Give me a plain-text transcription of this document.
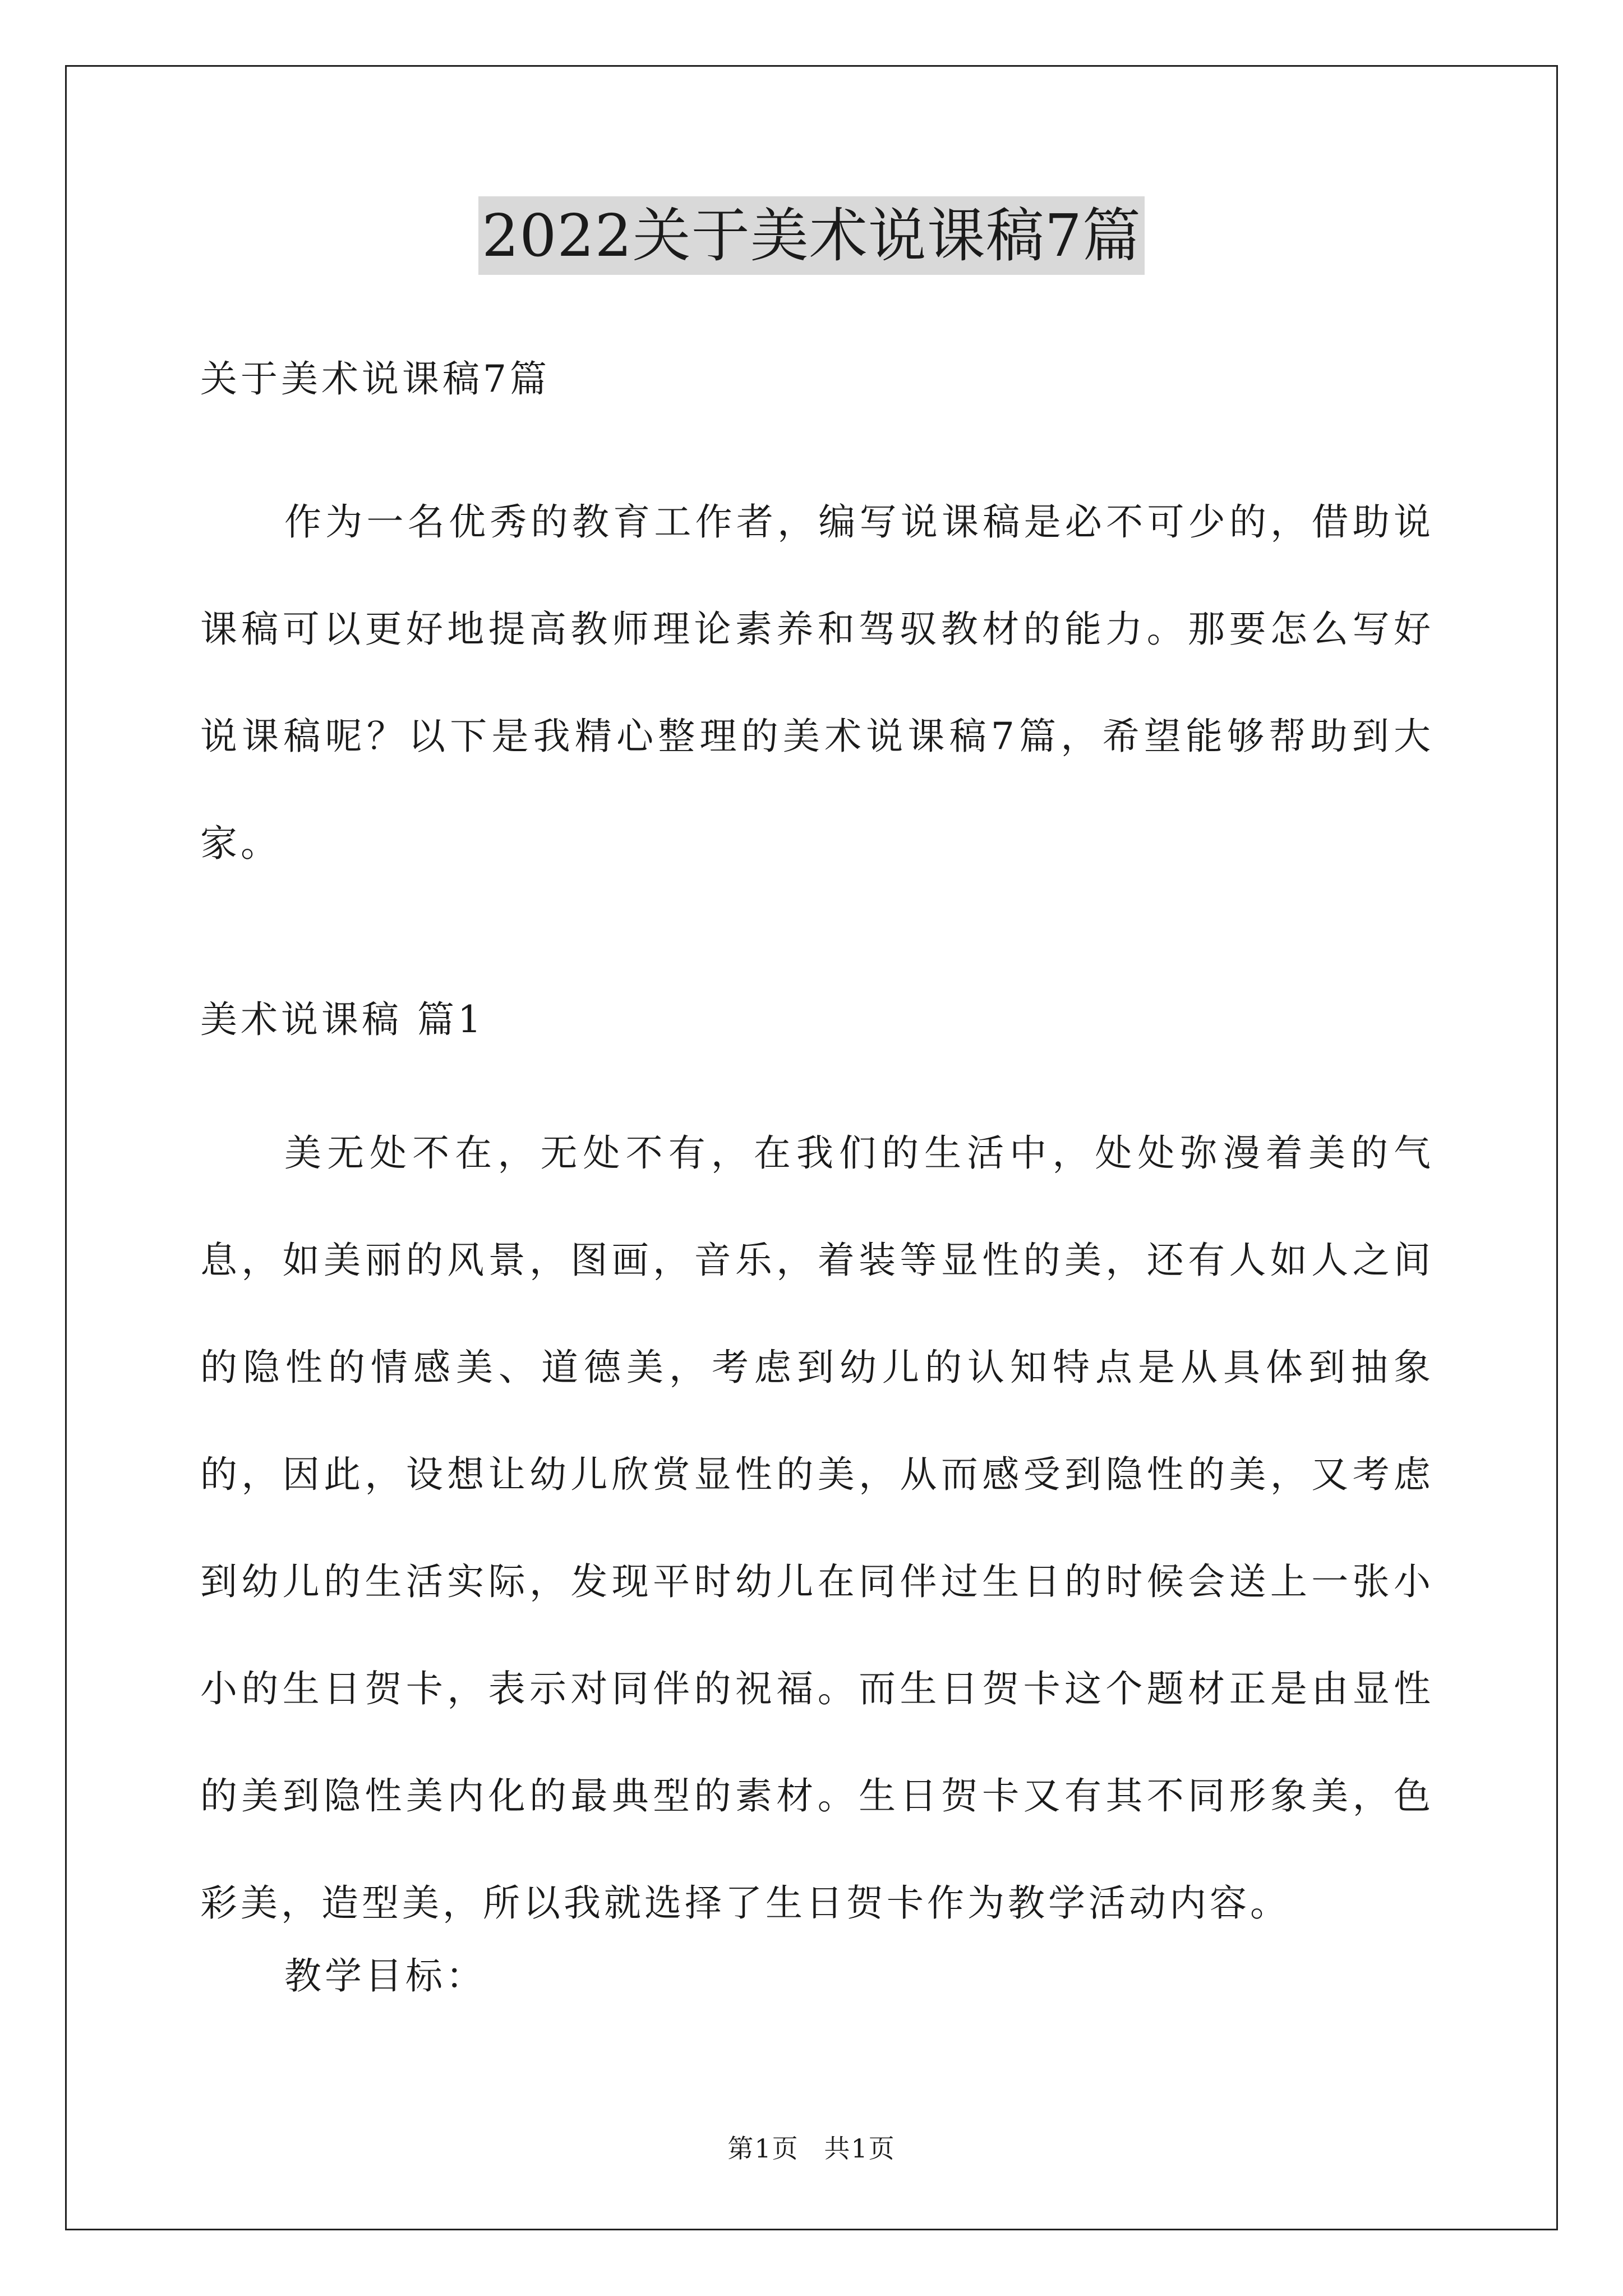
2022关于美术说课稿7篇
关于美术说课稿7篇
作为一名优秀的教育工作者，编写说课稿是必不可少的，借助说课稿可以更好地提高教师理论素养和驾驭教材的能力。那要怎么写好说课稿呢？以下是我精心整理的美术说课稿7篇，希望能够帮助到大家。
美术说课稿 篇1
美无处不在，无处不有，在我们的生活中，处处弥漫着美的气息，如美丽的风景，图画，音乐，着装等显性的美，还有人如人之间的隐性的情感美、道德美，考虑到幼儿的认知特点是从具体到抽象的，因此，设想让幼儿欣赏显性的美，从而感受到隐性的美，又考虑到幼儿的生活实际，发现平时幼儿在同伴过生日的时候会送上一张小小的生日贺卡，表示对同伴的祝福。而生日贺卡这个题材正是由显性的美到隐性美内化的最典型的素材。生日贺卡又有其不同形象美，色彩美，造型美，所以我就选择了生日贺卡作为教学活动内容。
教学目标：
第1页 共1页
